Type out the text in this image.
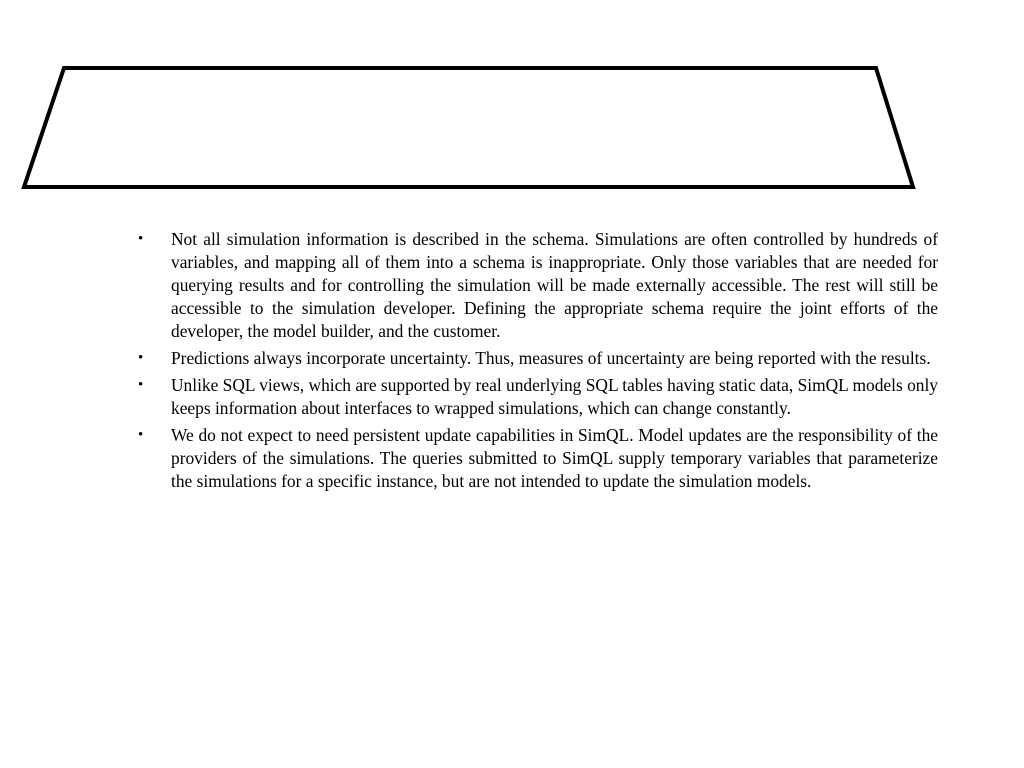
•	Not all simulation information is described in the schema. Simulations are often controlled by hundreds of variables, and mapping all of them into a schema is inappropriate. Only those variables that are needed for querying results and for controlling the simulation will be made externally accessible. The rest will still be accessible to the simulation developer. Defining the appropriate schema require the joint efforts of the developer, the model builder, and the customer.
•	Predictions always incorporate uncertainty. Thus, measures of uncertainty are being reported with the results.
•	Unlike SQL views, which are supported by real underlying SQL tables having static data, SimQL models only keeps information about interfaces to wrapped simulations, which can change constantly.
•	We do not expect to need persistent update capabilities in SimQL. Model updates are the responsibility of the providers of the simulations. The queries submitted to SimQL supply temporary variables that parameterize the simulations for a specific instance, but are not intended to update the simulation models.
